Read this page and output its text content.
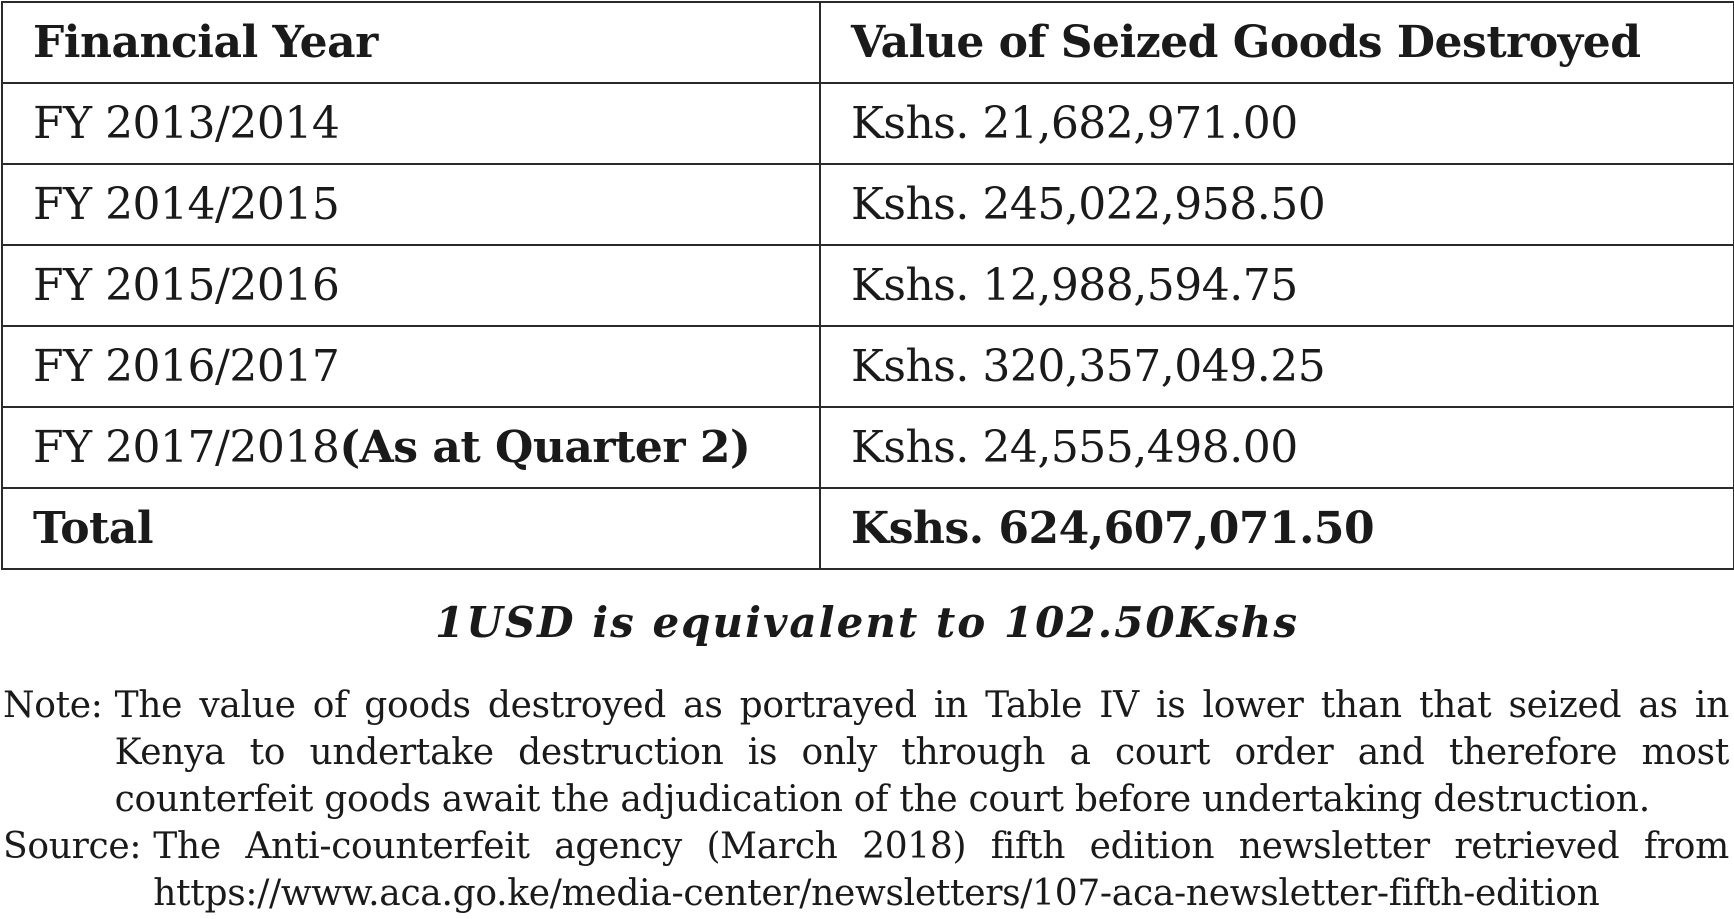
Financial Year	Value of Seized Goods Destroyed
FY 2013/2014	Kshs. 21,682,971.00
FY 2014/2015	Kshs. 245,022,958.50
FY 2015/2016	Kshs. 12,988,594.75
FY 2016/2017	Kshs. 320,357,049.25
FY 2017/2018(As at Quarter 2)	Kshs. 24,555,498.00
Total	Kshs. 624,607,071.50
1USD is equivalent to 102.50Kshs
Note: The value of goods destroyed as portrayed in Table IV is lower than that seized as in Kenya to undertake destruction is only through a court order and therefore most counterfeit goods await the adjudication of the court before undertaking destruction.
Source: The Anti-counterfeit agency (March 2018) fifth edition newsletter retrieved from https://www.aca.go.ke/media-center/newsletters/107-aca-newsletter-fifth-edition
